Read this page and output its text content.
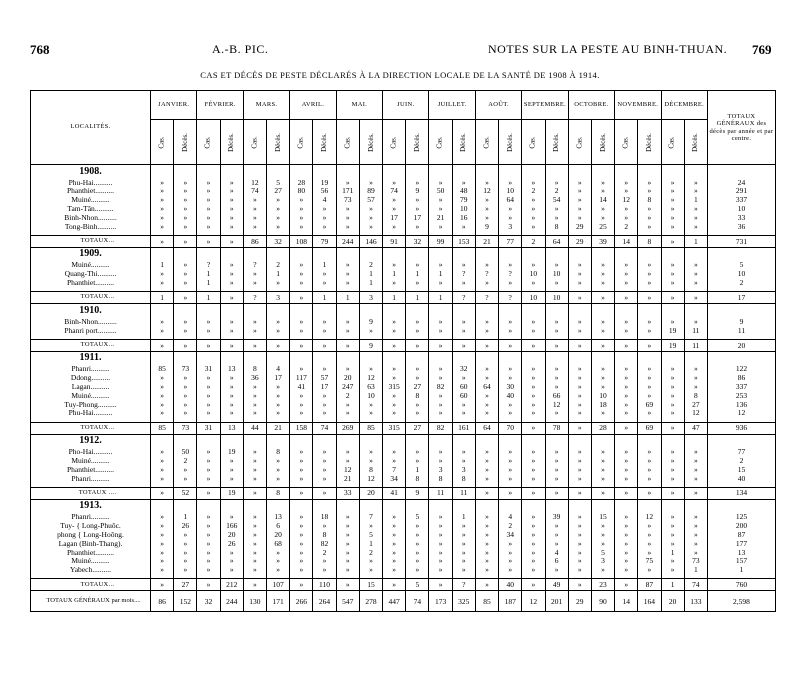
768	A.-B. PIC.	NOTES SUR LA PESTE AU BINH-THUAN. 769
CAS ET DÉCÈS DE PESTE DÉCLARÉS À LA DIRECTION LOCALE DE LA SANTÉ DE 1908 À 1914.
LOCALITÉS.	JANVIER.		FÉVRIER.		MARS.		AVRIL.		MAI.		JUIN.		JUILLET.		AOÛT.		SEPTEMBRE.		OCTOBRE.		NOVEMBRE.		DÉCEMBRE.		TOTAUX GÉNÉRAUX des décès par année et par centre.
	Cas.	Décès.	Cas.	Décès.	Cas.	Décès.	Cas.	Décès.	Cas.	Décès.	Cas.	Décès.	Cas.	Décès.	Cas.	Décès.	Cas.	Décès.	Cas.	Décès.	Cas.	Décès.	Cas.	Décès.	
1908.																									
Phu-Hai..........	»	»	»	»	12	5	28	19	»	»	»	»	»	»	»	»	»	»	»	»	»	»	»	»	24
Phanthiet..........	»	»	»	»	74	27	80	56	171	89	74	9	50	48	12	10	2	2	»	»	»	»	»	»	291
Muiné..........	»	»	»	»	»	»	»	4	73	57	»	»	»	79	»	64	»	54	»	14	12	8	»	1	337
Tam-Tân..........	»	»	»	»	»	»	»	»	»	»	»	»	»	10	»	»	»	»	»	»	»	»	»	»	10
Binh-Nhon..........	»	»	»	»	»	»	»	»	»	»	17	17	21	16	»	»	»	»	»	»	»	»	»	»	33
Tong-Binh..........	»	»	»	»	»	»	»	»	»	»	»	»	»	»	9	3	»	8	29	25	2	»	»	»	36

TOTAUX...	»	»	»	»	86	32	108	79	244	146	91	32	99	153	21	77	2	64	29	39	14	8	»	1	731
1909.																									
Muiné..........	1	»	?	»	?	2	»	1	»	2	»	»	»	»	»	»	»	»	»	»	»	»	»	»	5
Quang-Thi..........	»	»	1	»	»	1	»	»	»	1	1	1	1	?	?	?	10	10	»	»	»	»	»	»	10
Phanthiet..........	»	»	1	»	»	»	»	»	»	1	»	»	»	»	»	»	»	»	»	»	»	»	»	»	2

TOTAUX...	1	»	1	»	?	3	»	1	1	3	1	1	1	?	?	?	10	10	»	»	»	»	»	»	17
1910.																									
Binh-Nhon..........	»	»	»	»	»	»	»	»	»	9	»	»	»	»	»	»	»	»	»	»	»	»	»	»	9
Phanri port..........	»	»	»	»	»	»	»	»	»	»	»	»	»	»	»	»	»	»	»	»	»	»	19	11	11

TOTAUX...	»	»	»	»	»	»	»	»	»	9	»	»	»	»	»	»	»	»	»	»	»	»	19	11	20
1911.																									
Phanri..........	85	73	31	13	8	4	»	»	»	»	»	»	»	32	»	»	»	»	»	»	»	»	»	»	122
Ddong..........	»	»	»	»	36	17	117	57	20	12	»	»	»	»	»	»	»	»	»	»	»	»	»	»	86
Lagan..........	»	»	»	»	»	»	41	17	247	63	315	27	82	60	64	30	»	»	»	»	»	»	»	»	337
Muiné..........	»	»	»	»	»	»	»	»	2	10	»	8	»	60	»	40	»	66	»	10	»	»	»	8	253
Tuy-Phong..........	»	»	»	»	»	»	»	»	»	»	»	»	»	»	»	»	»	12	»	18	»	69	»	27	136
Phu-Hai..........	»	»	»	»	»	»	»	»	»	»	»	»	»	»	»	»	»	»	»	»	»	»	»	12	12

TOTAUX...	85	73	31	13	44	21	158	74	269	85	315	27	82	161	64	70	»	78	»	28	»	69	»	47	936
1912.																									
Pho-Hai..........	»	50	»	19	»	8	»	»	»	»	»	»	»	»	»	»	»	»	»	»	»	»	»	»	77
Muiné..........	»	2	»	»	»	»	»	»	»	»	»	»	»	»	»	»	»	»	»	»	»	»	»	»	2
Phanthiet..........	»	»	»	»	»	»	»	»	12	8	7	1	3	3	»	»	»	»	»	»	»	»	»	»	15
Phanri..........	»	»	»	»	»	»	»	»	21	12	34	8	8	8	»	»	»	»	»	»	»	»	»	»	40

TOTAUX ....	»	52	»	19	»	8	»	»	33	20	41	9	11	11	»	»	»	»	»	»	»	»	»	»	134
1913.																									
Phanri..........	»	1	»	»	»	13	»	18	»	7	»	5	»	1	»	4	»	39	»	15	»	12	»	»	125
Tuy- { Long-Phuôc.	»	26	»	166	»	6	»	»	»	»	»	»	»	»	»	2	»	»	»	»	»	»	»	»	200
phong { Long-Hoông.	»	»	»	20	»	20	»	8	»	5	»	»	»	»	»	34	»	»	»	»	»	»	»	»	87
Lagan (Binh-Thang).	»	»	»	26	»	68	»	82	»	1	»	»	»	»	»	»	»	»	»	»	»	»	»	»	177
Phanthiet..........	»	»	»	»	»	»	»	2	»	2	»	»	»	»	»	»	»	4	»	5	»	»	1	»	13
Muiné..........	»	»	»	»	»	»	»	»	»	»	»	»	»	»	»	»	»	6	»	3	»	75	»	73	157
Yabech..........	»	»	»	»	»	»	»	»	»	»	»	»	»	»	»	»	»	»	»	»	»	»	»	1	1

TOTAUX...	»	27	»	212	»	107	»	110	»	15	»	5	»	?	»	40	»	49	»	23	»	87	1	74	760
TOTAUX GÉNÉRAUX par mois....	86	152	32	244	130	171	266	264	547	278	447	74	173	325	85	187	12	201	29	90	14	164	20	133	2,598
